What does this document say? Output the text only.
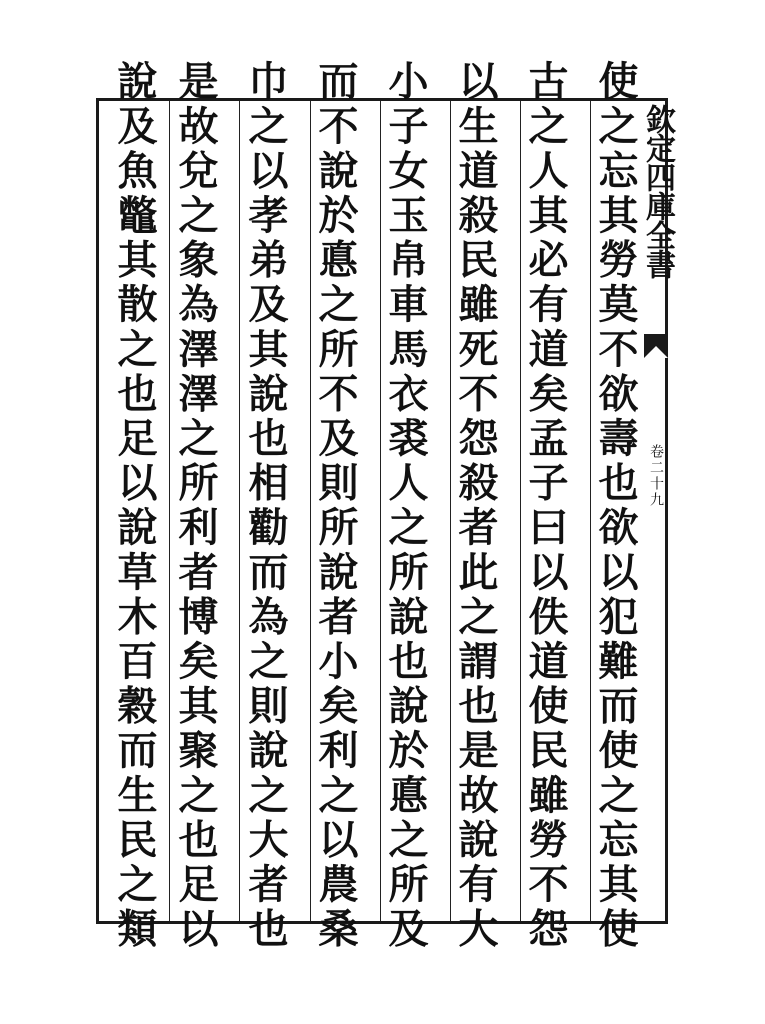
使之忘其勞莫不欲壽也欲以犯難而使之忘其使
古之人其必有道矣孟子曰以佚道使民雖勞不怨
以生道殺民雖死不怨殺者此之謂也是故說有大
小子女玉帛車馬衣裘人之所說也說於悳之所及
而不說於悳之所不及則所說者小矣利之以農桑
巾之以孝弟及其說也相勸而為之則說之大者也
是故兌之象為澤澤之所利者博矣其聚之也足以
說及魚鼈其散之也足以說草木百穀而生民之類	欽定四庫全書
卷二十九
